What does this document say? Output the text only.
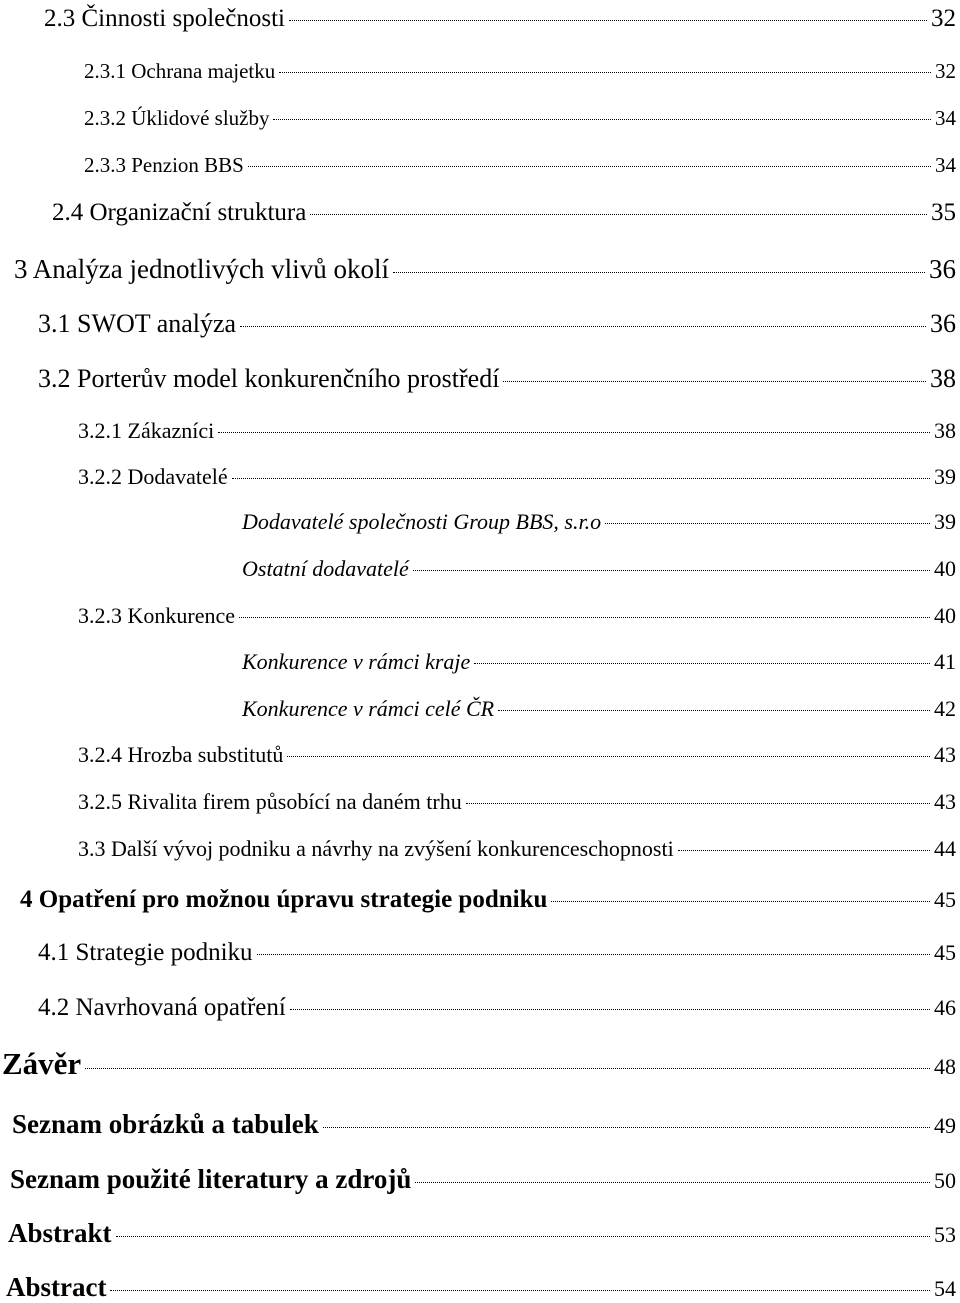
2.3 Činnosti společnosti	32
2.3.1 Ochrana majetku	32
2.3.2 Úklidové služby	34
2.3.3 Penzion BBS	34
2.4 Organizační struktura	35
3 Analýza jednotlivých vlivů okolí	36
3.1 SWOT analýza	36
3.2 Porterův model konkurenčního prostředí	38
3.2.1 Zákazníci	38
3.2.2 Dodavatelé	39
Dodavatelé společnosti Group BBS, s.r.o	39
Ostatní dodavatelé	40
3.2.3 Konkurence	40
Konkurence v rámci kraje	41
Konkurence v rámci celé ČR	42
3.2.4 Hrozba substitutů	43
3.2.5 Rivalita firem působící na daném trhu	43
3.3 Další vývoj podniku a návrhy na zvýšení konkurenceschopnosti	44
4 Opatření pro možnou úpravu strategie podniku	45
4.1 Strategie podniku	45
4.2 Navrhovaná opatření	46
Závěr	48
Seznam obrázků a tabulek	49
Seznam použité literatury a zdrojů	50
Abstrakt	53
Abstract	54
